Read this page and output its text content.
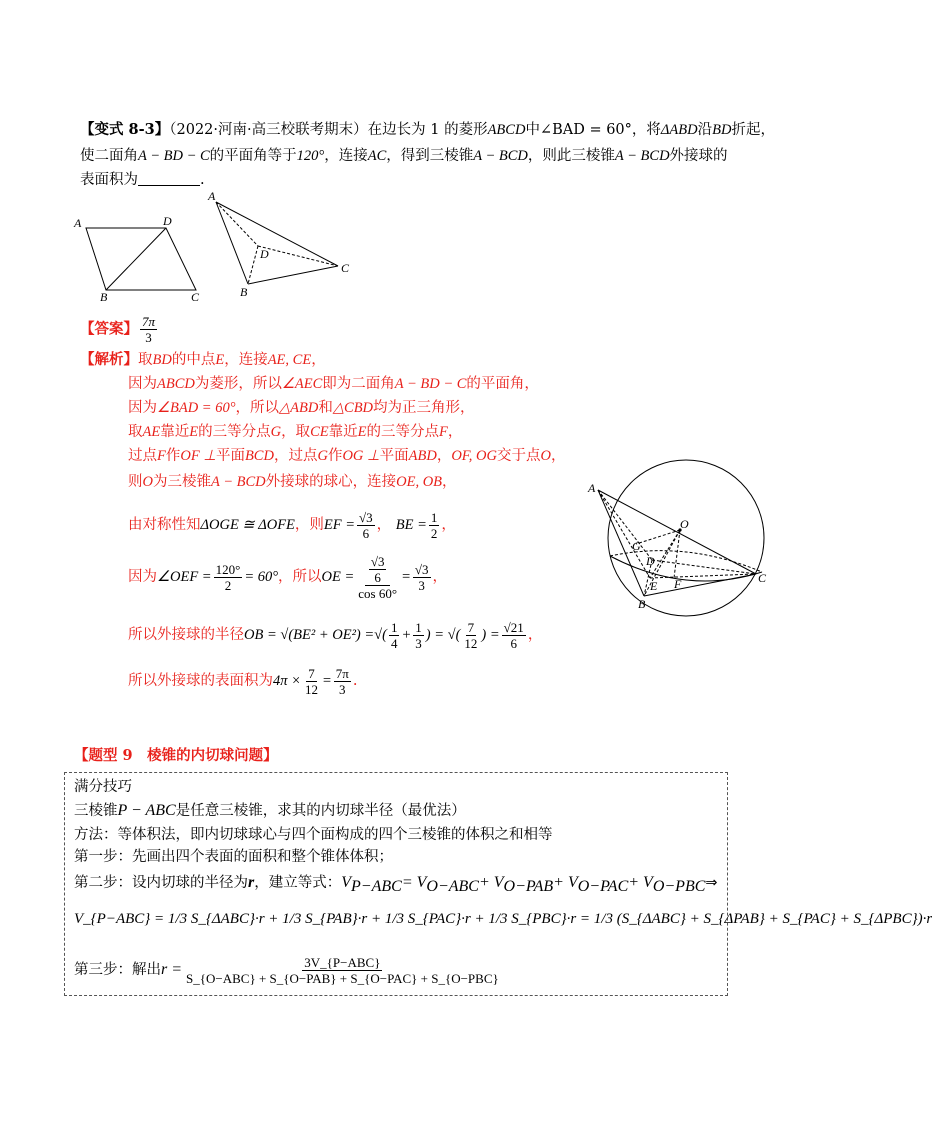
【变式 8-3】（2022·河南·高三校联考期末）在边长为 1 的菱形ABCD中∠BAD = 60°，将ΔABD沿BD折起，
使二面角A − BD − C的平面角等于120°，连接AC，得到三棱锥A − BCD，则此三棱锥A − BCD外接球的
表面积为	.
A	D
B	C
A
D
C
B
【答案】 $\frac{7\pi}{3}$
【解析】取BD的中点E，连接AE, CE，
因为ABCD为菱形，所以∠AEC即为二面角A − BD − C的平面角，
因为∠BAD = 60°，所以△ABD和△CBD均为正三角形，
取AE靠近E的三等分点G，取CE靠近E的三等分点F，
过点F作OF ⊥平面BCD，过点G作OG ⊥平面ABD，OF, OG交于点O，
则O为三棱锥A − BCD外接球的球心，连接OE, OB，
由对称性知ΔOGE ≅ ΔOFE，则EF = $\frac{√3}{6}$ ， BE = $\frac{1}{2}$ ，
因为∠OEF = $\frac{120^\circ}{2} = 60^\circ$，所以OE = $\frac{\frac{√3}{6}}{\cos 60^\circ} = \frac{√3}{3}$ ，
所以外接球的半径OB = √(BE² + OE²) =√( $\frac{1}{4} + \frac{1}{3}$ ) = √( $\frac{7}{12}$ ) = $\frac{√21}{6}$ ，
所以外接球的表面积为$4\pi \times \frac{7}{12} = \frac{7\pi}{3}$ .
A
O
G
D
E F	C
B
【题型 9　棱锥的内切球问题】
满分技巧
三棱锥P − ABC是任意三棱锥，求其的内切球半径（最优法）
方法：等体积法，即内切球球心与四个面构成的四个三棱锥的体积之和相等
第一步：先画出四个表面的面积和整个锥体体积；
第二步：设内切球的半径为r，建立等式：$V_{P-ABC}= V_{O-ABC}+ V_{O-PAB}+ V_{O-PAC}+$ $V_{O-PBC}\Rightarrow$
V_{P−ABC} = 1/3 S_{ΔABC}·r + 1/3 S_{PAB}·r + 1/3 S_{PAC}·r + 1/3 S_{PBC}·r = 1/3 (S_{ΔABC} + S_{ΔPAB} + S_{PAC} + S_{ΔPBC})·r
第三步：解出$r = \frac{\text{3V\_\{P−ABC\}}}{\text{S\_\{O−ABC\} + S\_\{O−PAB\} + S\_\{O−PAC\} + S\_\{O−PBC\}}}$
